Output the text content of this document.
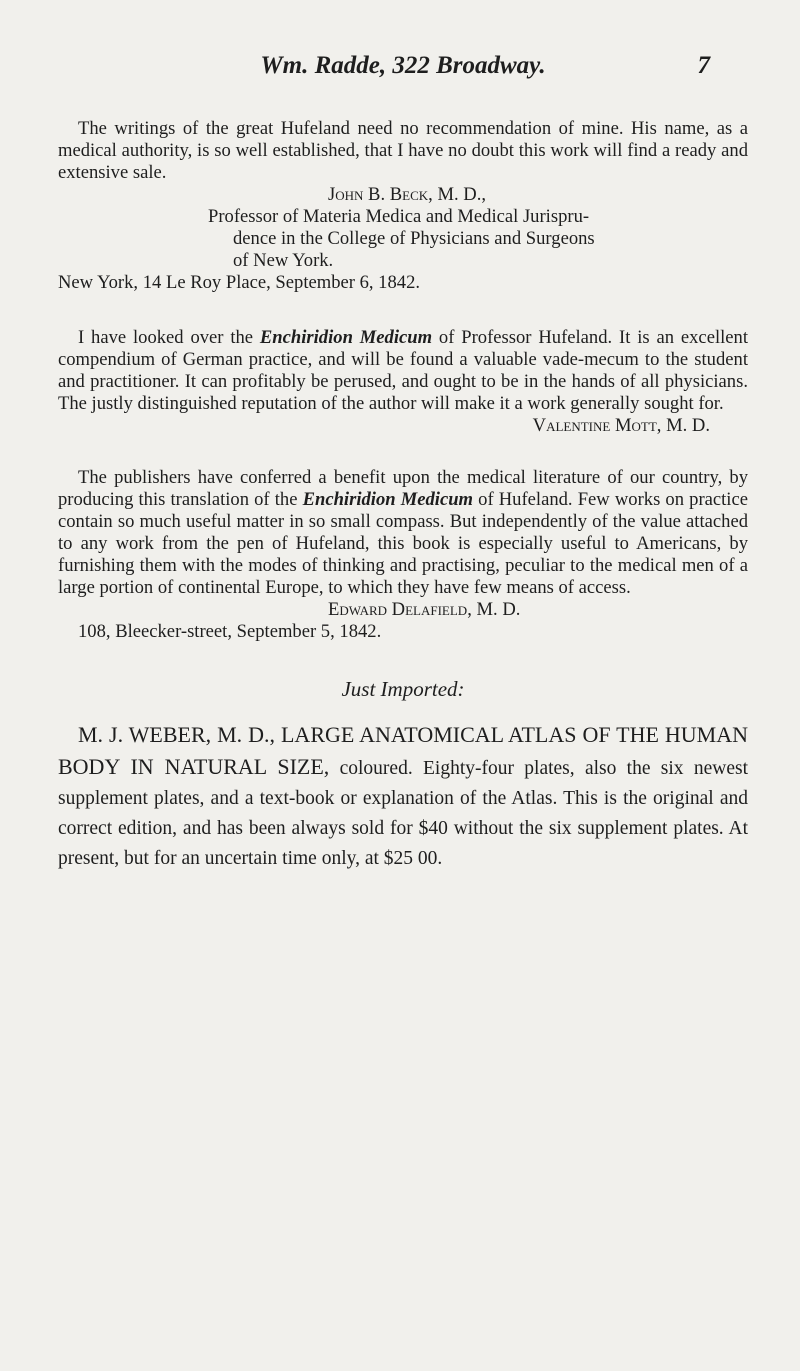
Wm. Radde, 322 Broadway.	7

The writings of the great Hufeland need no recommendation of mine. His name, as a medical authority, is so well established, that I have no doubt this work will find a ready and extensive sale.

John B. Beck, M. D.,
Professor of Materia Medica and Medical Jurispru-
dence in the College of Physicians and Surgeons
of New York.
New York, 14 Le Roy Place, September 6, 1842.

I have looked over the Enchiridion Medicum of Professor Hufeland. It is an excellent compendium of German practice, and will be found a valuable vade-mecum to the student and practitioner. It can profitably be perused, and ought to be in the hands of all physicians. The justly distinguished reputation of the author will make it a work generally sought for.

Valentine Mott, M. D.

The publishers have conferred a benefit upon the medical literature of our country, by producing this translation of the Enchiridion Medicum of Hufeland. Few works on practice contain so much useful matter in so small compass. But independently of the value attached to any work from the pen of Hufeland, this book is especially useful to Americans, by furnishing them with the modes of thinking and practising, peculiar to the medical men of a large portion of continental Europe, to which they have few means of access.

Edward Delafield, M. D.
108, Bleecker-street, September 5, 1842.
Just Imported:

M. J. WEBER, M. D., LARGE ANATOMICAL ATLAS OF THE HUMAN BODY IN NATURAL SIZE, coloured. Eighty-four plates, also the six newest supplement plates, and a text-book or explanation of the Atlas. This is the original and correct edition, and has been always sold for $40 without the six supplement plates. At present, but for an uncertain time only, at $25 00.
